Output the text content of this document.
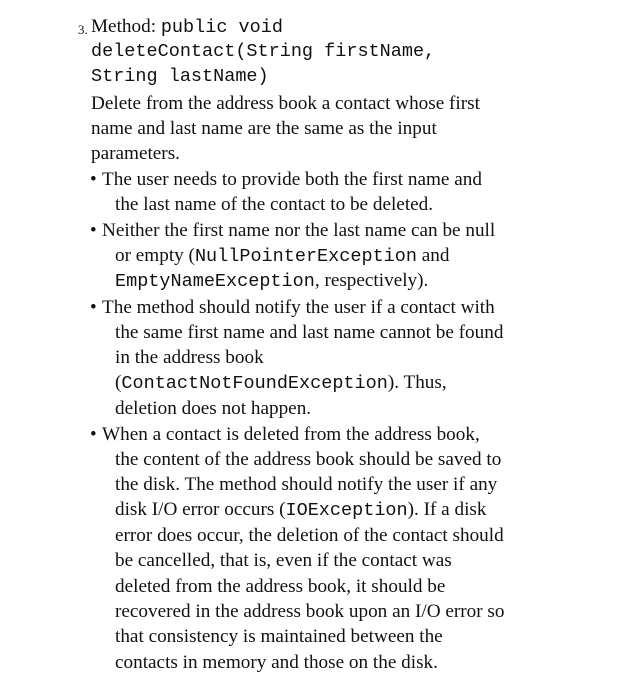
3. Method: public void
deleteContact(String firstName,
String lastName)
Delete from the address book a contact whose first
name and last name are the same as the input
parameters.
• The user needs to provide both the first name and
the last name of the contact to be deleted.
• Neither the first name nor the last name can be null
or empty (NullPointerException and
EmptyNameException, respectively).
• The method should notify the user if a contact with
the same first name and last name cannot be found
in the address book
(ContactNotFoundException). Thus,
deletion does not happen.
• When a contact is deleted from the address book,
the content of the address book should be saved to
the disk. The method should notify the user if any
disk I/O error occurs (IOException). If a disk
error does occur, the deletion of the contact should
be cancelled, that is, even if the contact was
deleted from the address book, it should be
recovered in the address book upon an I/O error so
that consistency is maintained between the
contacts in memory and those on the disk.
